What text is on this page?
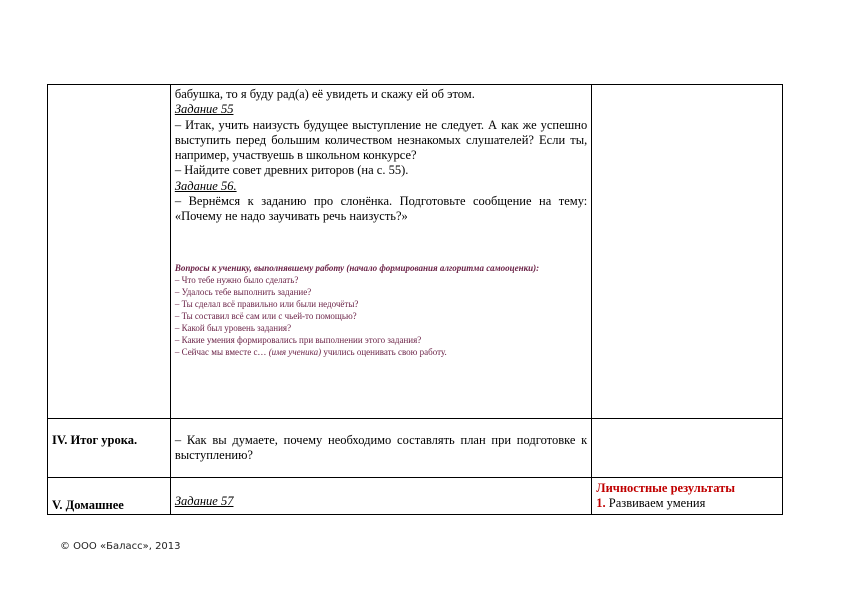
бабушка, то я буду рад(а) её увидеть и скажу ей об этом.

Задание 55

– Итак, учить наизусть будущее выступление не следует. А как же успешно выступить перед большим количеством незнакомых слушателей? Если ты, например, участвуешь в школьном конкурсе?

– Найдите совет древних риторов (на с. 55).

Задание 56.

– Вернёмся к заданию про слонёнка. Подготовьте сообщение на тему: «Почему не надо заучивать речь наизусть?»

Вопросы к ученику, выполнявшему работу (начало формирования алгоритма самооценки):

– Что тебе нужно было сделать?

– Удалось тебе выполнить задание?

– Ты сделал всё правильно или были недочёты?

– Ты составил всё сам или с чьей-то помощью?

– Какой был уровень задания?

– Какие умения формировались при выполнении этого задания?

– Сейчас мы вместе с… (имя ученика) учились оценивать свою работу.

IV. Итог урока.	– Как вы думаете, почему необходимо составлять план при подготовке к выступлению?

V. Домашнее	Задание 57

Личностные результаты
1. Развиваем умения
© ООО «Баласс», 2013
